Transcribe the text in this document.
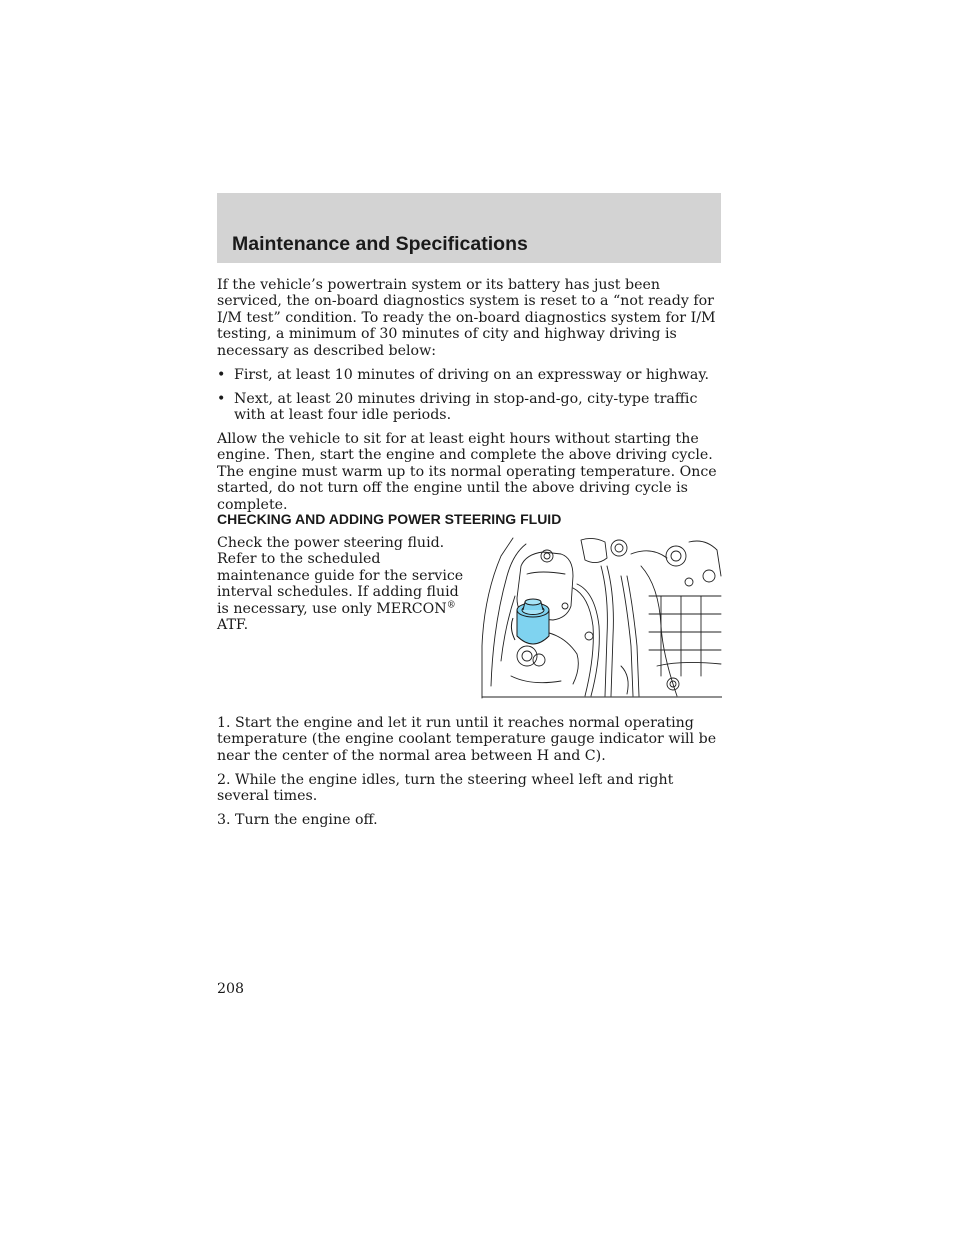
Maintenance and Specifications

If the vehicle’s powertrain system or its battery has just been serviced, the on-board diagnostics system is reset to a “not ready for I/M test” condition. To ready the on-board diagnostics system for I/M testing, a minimum of 30 minutes of city and highway driving is necessary as described below:

• First, at least 10 minutes of driving on an expressway or highway.

• Next, at least 20 minutes driving in stop-and-go, city-type traffic with at least four idle periods.

Allow the vehicle to sit for at least eight hours without starting the engine. Then, start the engine and complete the above driving cycle. The engine must warm up to its normal operating temperature. Once started, do not turn off the engine until the above driving cycle is complete.

CHECKING AND ADDING POWER STEERING FLUID

Check the power steering fluid. Refer to the scheduled maintenance guide for the service interval schedules. If adding fluid is necessary, use only MERCON® ATF.

1. Start the engine and let it run until it reaches normal operating temperature (the engine coolant temperature gauge indicator will be near the center of the normal area between H and C).

2. While the engine idles, turn the steering wheel left and right several times.

3. Turn the engine off.

208
